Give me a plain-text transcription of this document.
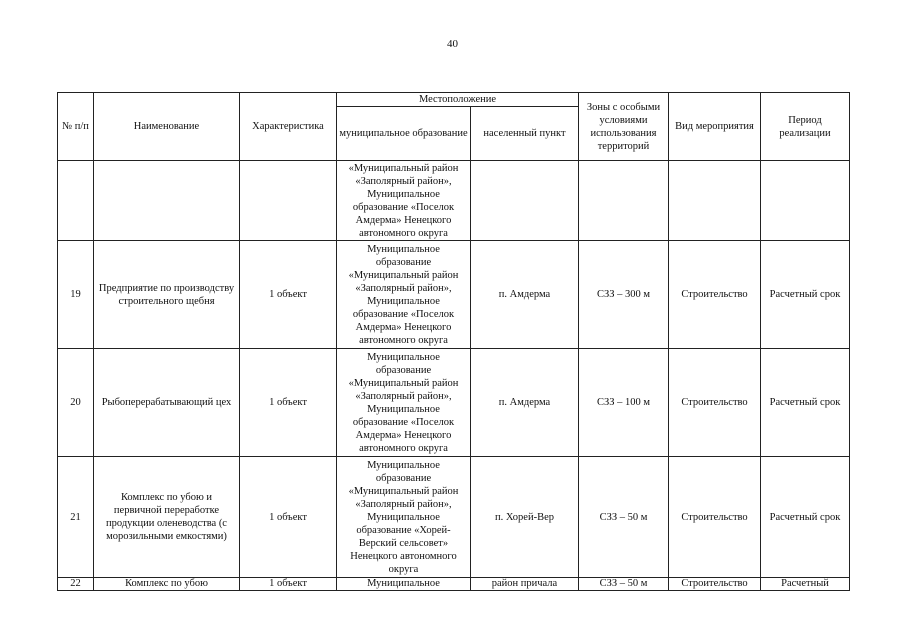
40
№ п/п	Наименование	Характеристика	Местоположение		Зоны с особыми условиями использования территорий	Вид мероприятия	Период реализации
			муниципальное образование	населенный пункт			
			«Муниципальный район «Заполярный район», Муниципальное образование «Поселок Амдерма» Ненецкого автономного округа				
19	Предприятие по производству строительного щебня	1 объект	Муниципальное образование «Муниципальный район «Заполярный район», Муниципальное образование «Поселок Амдерма» Ненецкого автономного округа	п. Амдерма	СЗЗ – 300 м	Строительство	Расчетный срок
20	Рыбоперерабатывающий цех	1 объект	Муниципальное образование «Муниципальный район «Заполярный район», Муниципальное образование «Поселок Амдерма» Ненецкого автономного округа	п. Амдерма	СЗЗ – 100 м	Строительство	Расчетный срок
21	Комплекс по убою и первичной переработке продукции оленеводства (с морозильными емкостями)	1 объект	Муниципальное образование «Муниципальный район «Заполярный район», Муниципальное образование «Хорей-Верский сельсовет» Ненецкого автономного округа	п. Хорей-Вер	СЗЗ – 50 м	Строительство	Расчетный срок
22	Комплекс по убою	1 объект	Муниципальное	район причала	СЗЗ – 50 м	Строительство	Расчетный
